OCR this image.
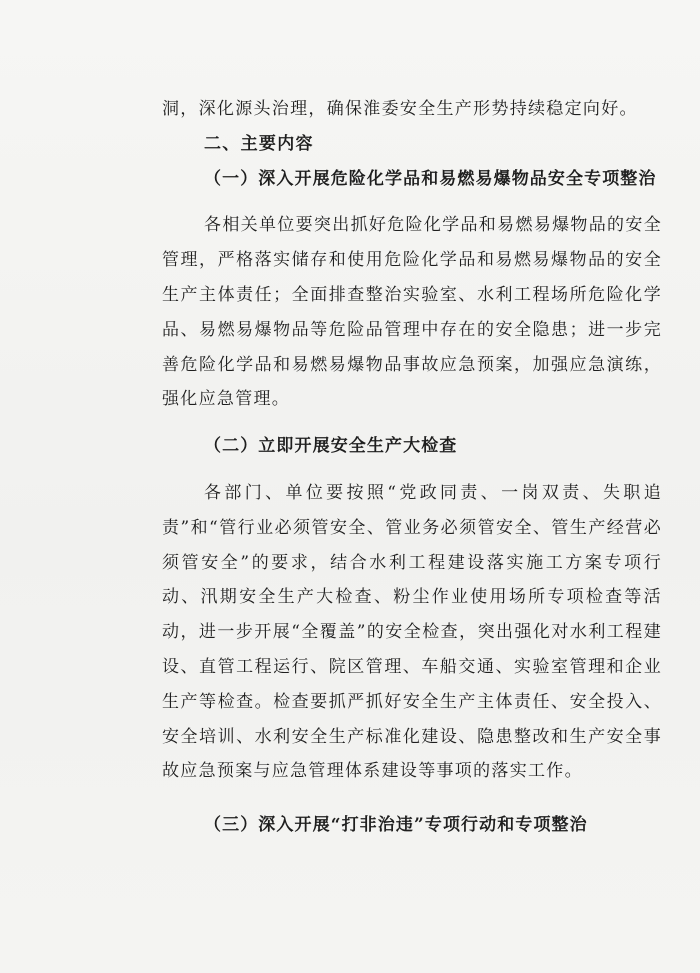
洞，深化源头治理，确保淮委安全生产形势持续稳定向好。

二、主要内容

（一）深入开展危险化学品和易燃易爆物品安全专项整治

各相关单位要突出抓好危险化学品和易燃易爆物品的安全管理，严格落实储存和使用危险化学品和易燃易爆物品的安全生产主体责任；全面排查整治实验室、水利工程场所危险化学品、易燃易爆物品等危险品管理中存在的安全隐患；进一步完善危险化学品和易燃易爆物品事故应急预案，加强应急演练，强化应急管理。

（二）立即开展安全生产大检查

各部门、单位要按照“党政同责、一岗双责、失职追责”和“管行业必须管安全、管业务必须管安全、管生产经营必须管安全”的要求，结合水利工程建设落实施工方案专项行动、汛期安全生产大检查、粉尘作业使用场所专项检查等活动，进一步开展“全覆盖”的安全检查，突出强化对水利工程建设、直管工程运行、院区管理、车船交通、实验室管理和企业生产等检查。检查要抓严抓好安全生产主体责任、安全投入、安全培训、水利安全生产标准化建设、隐患整改和生产安全事故应急预案与应急管理体系建设等事项的落实工作。

（三）深入开展“打非治违”专项行动和专项整治
